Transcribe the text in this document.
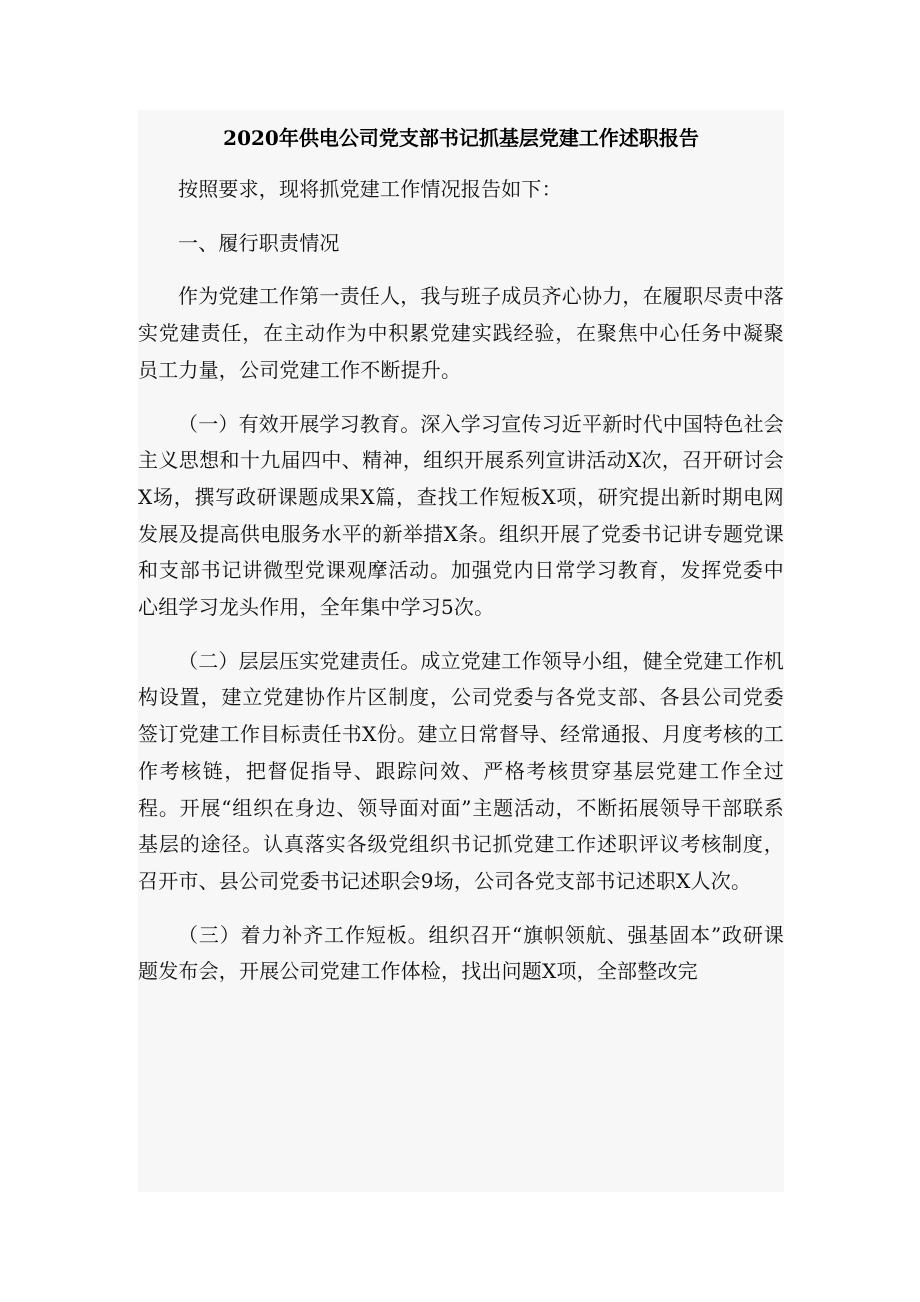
2020年供电公司党支部书记抓基层党建工作述职报告

按照要求，现将抓党建工作情况报告如下：

一、履行职责情况

作为党建工作第一责任人，我与班子成员齐心协力，在履职尽责中落实党建责任，在主动作为中积累党建实践经验，在聚焦中心任务中凝聚员工力量，公司党建工作不断提升。

（一）有效开展学习教育。深入学习宣传习近平新时代中国特色社会主义思想和十九届四中、精神，组织开展系列宣讲活动X次，召开研讨会X场，撰写政研课题成果X篇，查找工作短板X项，研究提出新时期电网发展及提高供电服务水平的新举措X条。组织开展了党委书记讲专题党课和支部书记讲微型党课观摩活动。加强党内日常学习教育，发挥党委中心组学习龙头作用，全年集中学习5次。

（二）层层压实党建责任。成立党建工作领导小组，健全党建工作机构设置，建立党建协作片区制度，公司党委与各党支部、各县公司党委签订党建工作目标责任书X份。建立日常督导、经常通报、月度考核的工作考核链，把督促指导、跟踪问效、严格考核贯穿基层党建工作全过程。开展“组织在身边、领导面对面”主题活动，不断拓展领导干部联系基层的途径。认真落实各级党组织书记抓党建工作述职评议考核制度，召开市、县公司党委书记述职会9场，公司各党支部书记述职X人次。

（三）着力补齐工作短板。组织召开“旗帜领航、强基固本”政研课题发布会，开展公司党建工作体检，找出问题X项，全部整改完
